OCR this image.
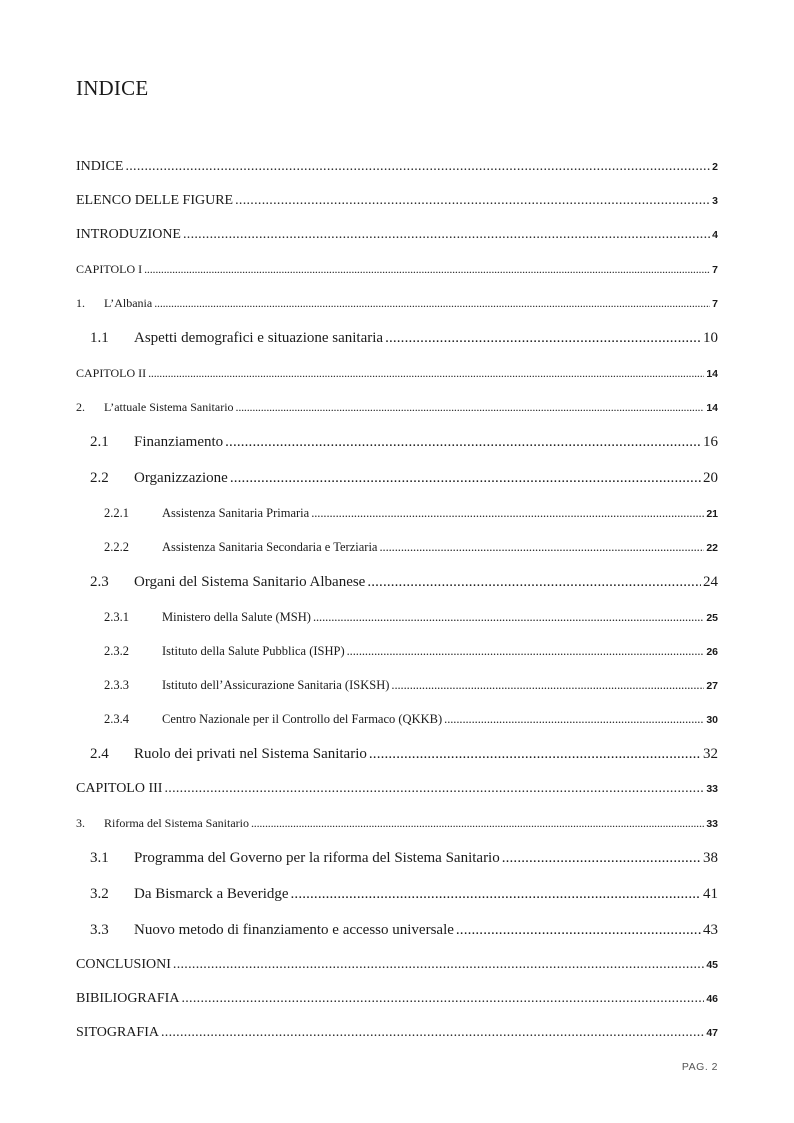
INDICE
INDICE . . .	2
ELENCO DELLE FIGURE . . .	3
INTRODUZIONE . . .	4
CAPITOLO I . . .	7
1.	L’Albania . . .	7
1.1	Aspetti demografici e situazione sanitaria . . .	10
CAPITOLO II . . .	14
2.	L’attuale Sistema Sanitario . . .	14
2.1	Finanziamento . . .	16
2.2	Organizzazione . . .	20
2.2.1	Assistenza Sanitaria Primaria . . .	21
2.2.2	Assistenza Sanitaria Secondaria e Terziaria . . .	22
2.3	Organi del Sistema Sanitario Albanese . . .	24
2.3.1	Ministero della Salute (MSH) . . .	25
2.3.2	Istituto della Salute Pubblica (ISHP) . . .	26
2.3.3	Istituto dell’Assicurazione Sanitaria (ISKSH) . . .	27
2.3.4	Centro Nazionale per il Controllo del Farmaco (QKKB) . . .	30
2.4	Ruolo dei privati nel Sistema Sanitario . . .	32
CAPITOLO III . . .	33
3.	Riforma del Sistema Sanitario . . .	33
3.1	Programma del Governo per la riforma del Sistema Sanitario . . .	38
3.2	Da Bismarck a Beveridge . . .	41
3.3	Nuovo metodo di finanziamento e accesso universale . . .	43
CONCLUSIONI . . .	45
BIBILIOGRAFIA . . .	46
SITOGRAFIA . . .	47
PAG. 2
